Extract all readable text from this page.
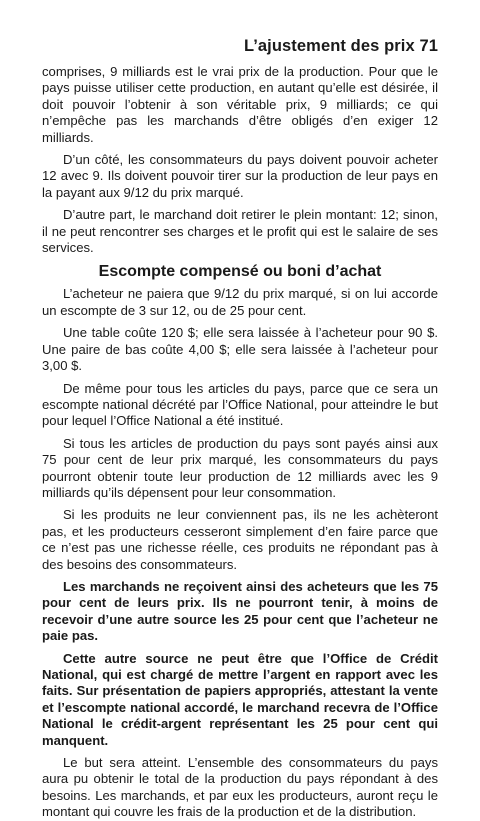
L’ajustement des prix 71

comprises, 9 milliards est le vrai prix de la production. Pour que le pays puisse utiliser cette production, en autant qu’elle est désirée, il doit pouvoir l’obtenir à son véritable prix, 9 milliards; ce qui n’empêche pas les marchands d’être obligés d’en exiger 12 milliards.

D’un côté, les consommateurs du pays doivent pouvoir acheter 12 avec 9. Ils doivent pouvoir tirer sur la production de leur pays en la payant aux 9/12 du prix marqué.

D’autre part, le marchand doit retirer le plein montant: 12; sinon, il ne peut rencontrer ses charges et le profit qui est le salaire de ses services.

Escompte compensé ou boni d’achat

L’acheteur ne paiera que 9/12 du prix marqué, si on lui accorde un escompte de 3 sur 12, ou de 25 pour cent.

Une table coûte 120 $; elle sera laissée à l’acheteur pour 90 $. Une paire de bas coûte 4,00 $; elle sera laissée à l’acheteur pour 3,00 $.

De même pour tous les articles du pays, parce que ce sera un escompte national décrété par l’Office National, pour atteindre le but pour lequel l’Office National a été institué.

Si tous les articles de production du pays sont payés ainsi aux 75 pour cent de leur prix marqué, les consommateurs du pays pourront obtenir toute leur production de 12 milliards avec les 9 milliards qu’ils dépensent pour leur consommation.

Si les produits ne leur conviennent pas, ils ne les achèteront pas, et les producteurs cesseront simplement d’en faire parce que ce n’est pas une richesse réelle, ces produits ne répondant pas à des besoins des consommateurs.

Les marchands ne reçoivent ainsi des acheteurs que les 75 pour cent de leurs prix. Ils ne pourront tenir, à moins de recevoir d’une autre source les 25 pour cent que l’acheteur ne paie pas.

Cette autre source ne peut être que l’Office de Crédit National, qui est chargé de mettre l’argent en rapport avec les faits. Sur présentation de papiers appropriés, attestant la vente et l’escompte national accordé, le marchand recevra de l’Office National le crédit-argent représentant les 25 pour cent qui manquent.

Le but sera atteint. L’ensemble des consommateurs du pays aura pu obtenir le total de la production du pays répondant à des besoins. Les marchands, et par eux les producteurs, auront reçu le montant qui couvre les frais de la production et de la distribution.
